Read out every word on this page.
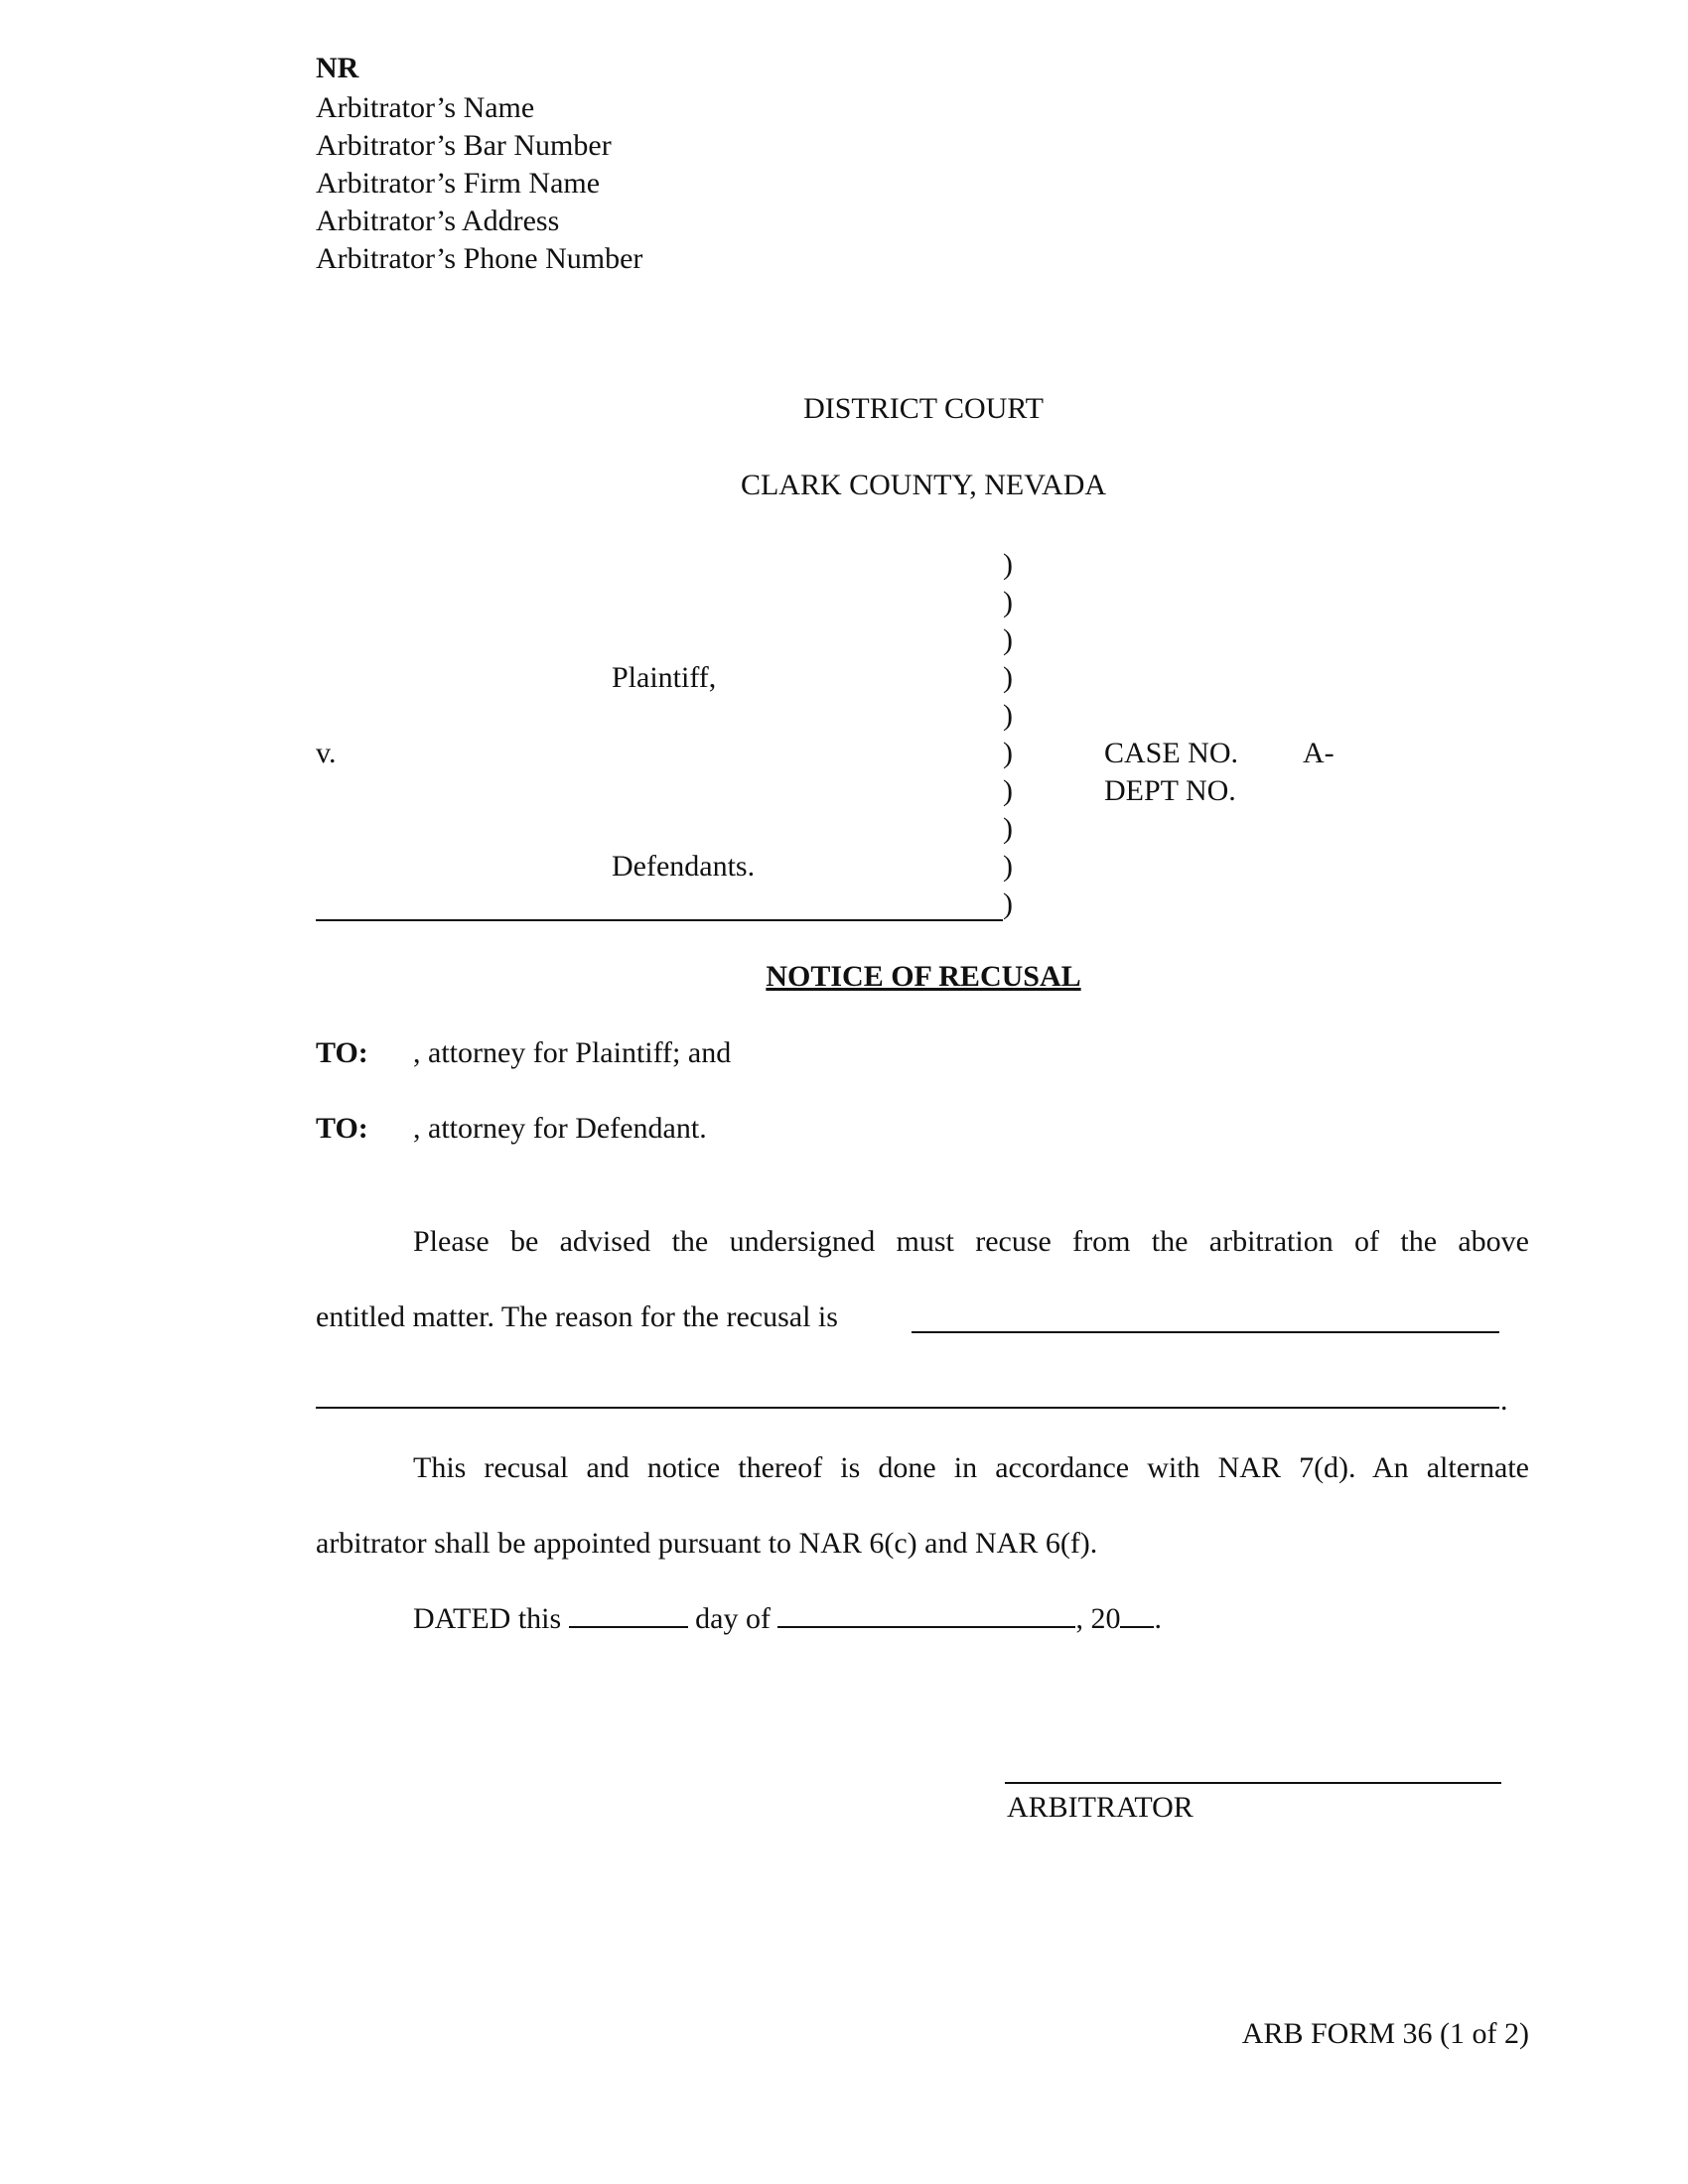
NR
Arbitrator’s Name
Arbitrator’s Bar Number
Arbitrator’s Firm Name
Arbitrator’s Address
Arbitrator’s Phone Number
DISTRICT COURT
CLARK COUNTY, NEVADA
)
)
)
)
)
)
)
)
)
)
Plaintiff,
v.
Defendants.
CASE NO. A-
DEPT NO.
NOTICE OF RECUSAL
TO: , attorney for Plaintiff; and
TO: , attorney for Defendant.
Please be advised the undersigned must recuse from the arbitration of the above
entitled matter. The reason for the recusal is
.
This recusal and notice thereof is done in accordance with NAR 7(d). An alternate
arbitrator shall be appointed pursuant to NAR 6(c) and NAR 6(f).
DATED this	day of	, 20 .
ARBITRATOR
ARB FORM 36 (1 of 2)
